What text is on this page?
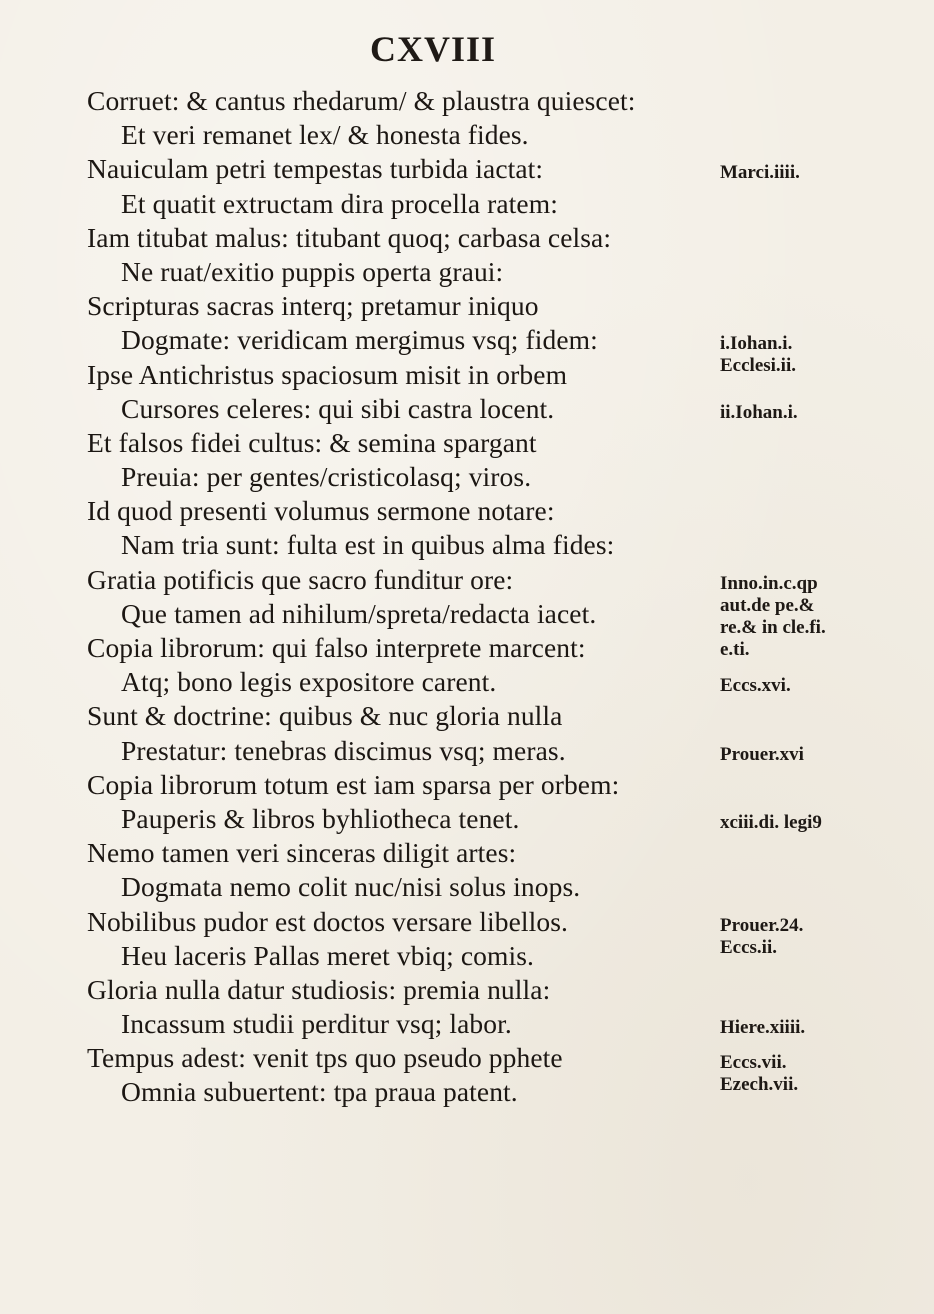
CXVIII
Corruet: & cantus rhedarum/ & plaustra quiescet:
Et veri remanet lex/ & honesta fides.
Nauiculam petri tempestas turbida iactat:
Et quatit extructam dira procella ratem:
Iam titubat malus: titubant quoq; carbasa celsa:
Ne ruat/exitio puppis operta graui:
Scripturas sacras interq; pretamur iniquo
Dogmate: veridicam mergimus vsq; fidem:
Ipse Antichristus spaciosum misit in orbem
Cursores celeres: qui sibi castra locent.
Et falsos fidei cultus: & semina spargant
Preuia: per gentes/cristicolasq; viros.
Id quod presenti volumus sermone notare:
Nam tria sunt: fulta est in quibus alma fides:
Gratia potificis que sacro funditur ore:
Que tamen ad nihilum/spreta/redacta iacet.
Copia librorum: qui falso interprete marcent:
Atq; bono legis expositore carent.
Sunt & doctrine: quibus & nuc gloria nulla
Prestatur: tenebras discimus vsq; meras.
Copia librorum totum est iam sparsa per orbem:
Pauperis & libros byhliotheca tenet.
Nemo tamen veri sinceras diligit artes:
Dogmata nemo colit nuc/nisi solus inops.
Nobilibus pudor est doctos versare libellos.
Heu laceris Pallas meret vbiq; comis.
Gloria nulla datur studiosis: premia nulla:
Incassum studii perditur vsq; labor.
Tempus adest: venit tps quo pseudo pphete
Omnia subuertent: tpa praua patent.
Marci.iiii.
i.Iohan.i.
Ecclesi.ii.
ii.Iohan.i.
Inno.in.c.qp
aut.de pe.&
re.& in cle.fi.
e.ti.
Eccs.xvi.
Prouer.xvi
xciii.di. legi9
Prouer.24.
Eccs.ii.
Hiere.xiiii.
Eccs.vii.
Ezech.vii.
